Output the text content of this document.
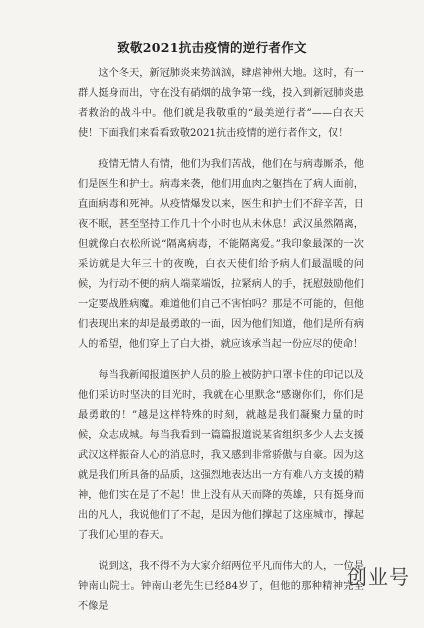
致敬2021抗击疫情的逆行者作文

这个冬天，新冠肺炎来势汹汹，肆虐神州大地。这时，有一群人挺身而出，守在没有硝烟的战争第一线，投入到新冠肺炎患者救治的战斗中。他们就是我敬重的“最美逆行者”——白衣天使！下面我们来看看致敬2021抗击疫情的逆行者作文，仅！

疫情无情人有情，他们为我们苦战，他们在与病毒厮杀，他们是医生和护士。病毒来袭，他们用血肉之躯挡在了病人面前，直面病毒和死神。从疫情爆发以来，医生和护士们不辞辛苦，日夜不眠，甚至坚持工作几十个小时也从未休息！武汉虽然隔离，但就像白衣松所说“隔离病毒，不能隔离爱。”我印象最深的一次采访就是大年三十的夜晚，白衣天使们给予病人们最温暖的问候，为行动不便的病人端菜端饭，拉紧病人的手，抚慰鼓励他们一定要战胜病魔。难道他们自己不害怕吗？那是不可能的，但他们表现出来的却是最勇敢的一面，因为他们知道，他们是所有病人的希望，他们穿上了白大褂，就应该承当起一份应尽的使命！

每当我新闻报道医护人员的脸上被防护口罩卡住的印记以及他们采访时坚决的目光时，我就在心里默念“感谢你们，你们是最勇敢的！”越是这样特殊的时刻，就越是我们凝聚力量的时候，众志成城。每当我看到一篇篇报道说某省组织多少人去支援武汉这样振奋人心的消息时，我又感到非常骄傲与自豪。因为这就是我们所具备的品质，这强烈地表达出一方有难八方支援的精神，他们实在是了不起！世上没有从天而降的英雄，只有挺身而出的凡人，我说他们了不起，是因为他们撑起了这座城市，撑起了我们心里的春天。

说到这，我不得不为大家介绍两位平凡而伟大的人，一位是钟南山院士。钟南山老先生已经84岁了，但他的那种精神完全不像是

创业号
